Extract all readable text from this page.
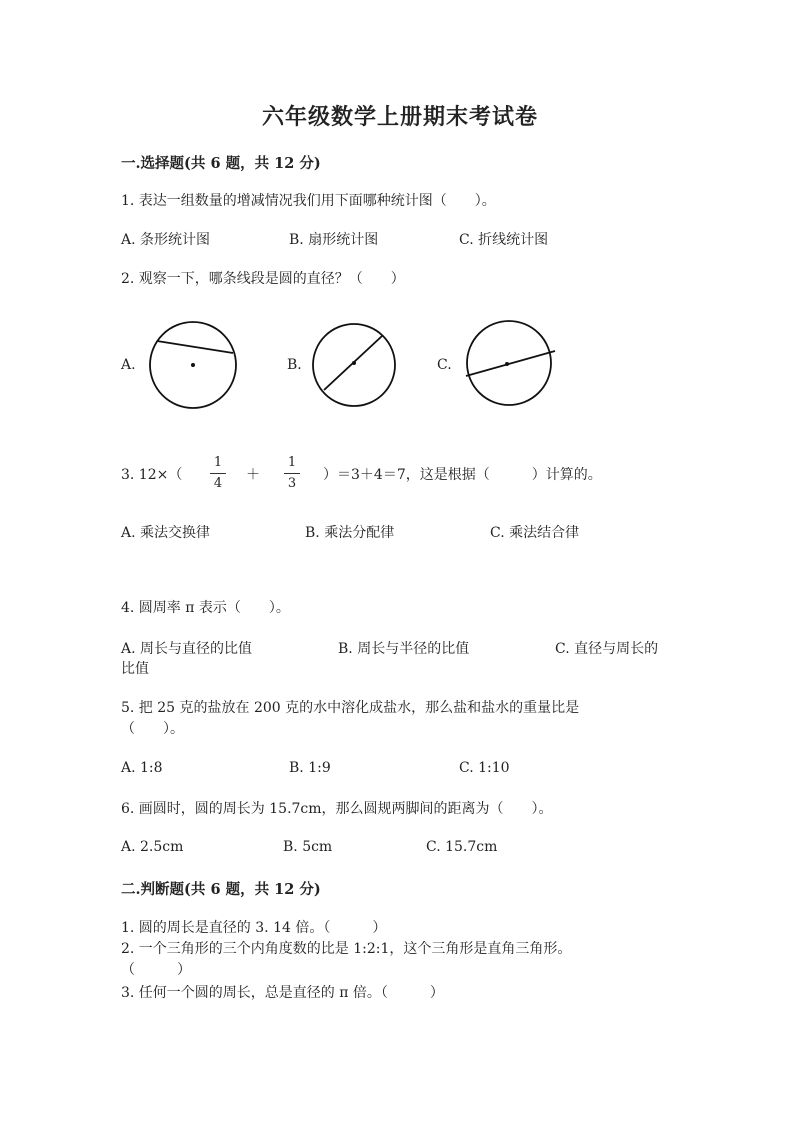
六年级数学上册期末考试卷
一.选择题(共 6 题，共 12 分)
1. 表达一组数量的增减情况我们用下面哪种统计图（　　）。
A. 条形统计图	B. 扇形统计图	C. 折线统计图
2. 观察一下，哪条线段是圆的直径？（　　）
A.	B.	C.
3. 12×（
1
4
＋
1
3
）＝3＋4＝7，这是根据（　　　）计算的。
A. 乘法交换律	B. 乘法分配律	C. 乘法结合律
4. 圆周率 π 表示（　　）。
A. 周长与直径的比值	B. 周长与半径的比值	C. 直径与周长的
比值
5. 把 25 克的盐放在 200 克的水中溶化成盐水，那么盐和盐水的重量比是
（　　）。
A. 1:8	B. 1:9	C. 1:10
6. 画圆时，圆的周长为 15.7cm，那么圆规两脚间的距离为（　　）。
A. 2.5cm	B. 5cm	C. 15.7cm
二.判断题(共 6 题，共 12 分)
1. 圆的周长是直径的 3. 14 倍。（　　　）
2. 一个三角形的三个内角度数的比是 1:2:1，这个三角形是直角三角形。
（　　　）
3. 任何一个圆的周长，总是直径的 π 倍。（　　　）
